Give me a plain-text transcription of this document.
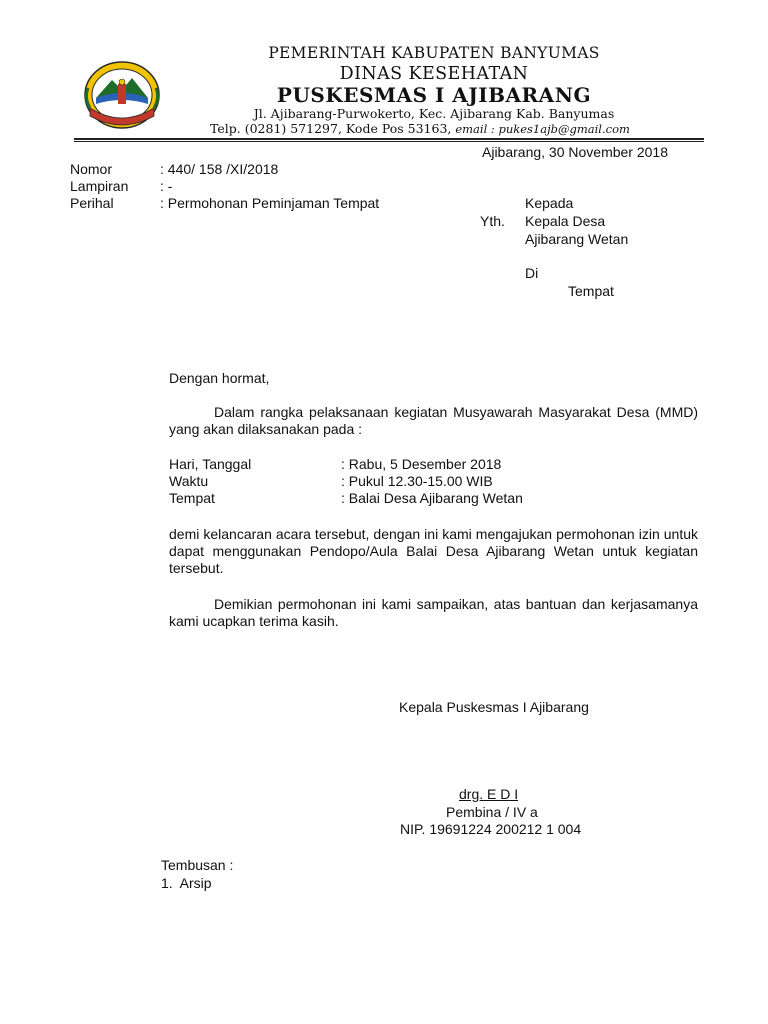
PEMERINTAH KABUPATEN BANYUMAS
DINAS KESEHATAN
PUSKESMAS I AJIBARANG
Jl. Ajibarang-Purwokerto, Kec. Ajibarang Kab. Banyumas
Telp. (0281) 571297, Kode Pos 53163, email : pukes1ajb@gmail.com
Ajibarang, 30 November 2018
Nomor	: 440/ 158 /XI/2018
Lampiran : -
Perihal	: Permohonan Peminjaman Tempat	Kepada
Yth. Kepala Desa
Ajibarang Wetan
Di
Tempat
Dengan hormat,
Dalam rangka pelaksanaan kegiatan Musyawarah Masyarakat Desa (MMD) yang akan dilaksanakan pada :
Hari, Tanggal	: Rabu, 5 Desember 2018
Waktu	: Pukul 12.30-15.00 WIB
Tempat	: Balai Desa Ajibarang Wetan
demi kelancaran acara tersebut, dengan ini kami mengajukan permohonan izin untuk dapat menggunakan Pendopo/Aula Balai Desa Ajibarang Wetan untuk kegiatan tersebut.
Demikian permohonan ini kami sampaikan, atas bantuan dan kerjasamanya kami ucapkan terima kasih.
Kepala Puskesmas I Ajibarang
drg. E D I
Pembina / IV a
NIP. 19691224 200212 1 004
Tembusan :
1.  Arsip
